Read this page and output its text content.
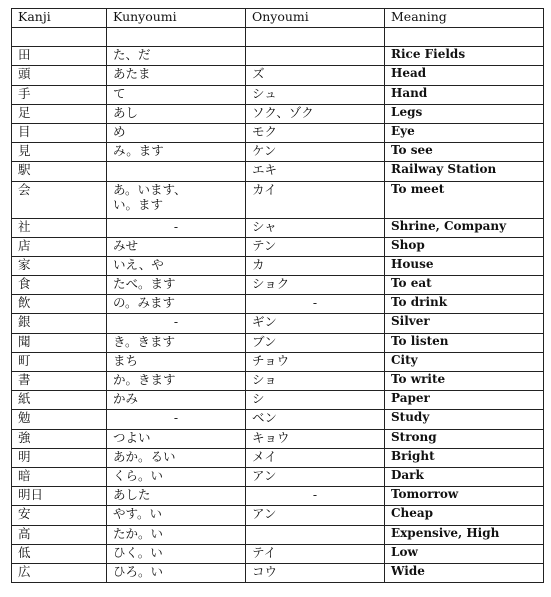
Kanji	Kunyoumi	Onyoumi	Meaning

田	た、だ		Rice Fields
頭	あたま	ズ	Head
手	て	シュ	Hand
足	あし	ソク、ゾク	Legs
目	め	モク	Eye
見	み。ます	ケン	To see
駅		エキ	Railway Station
会	あ。います、
い。ます	カイ	To meet
社	-	シャ	Shrine, Company
店	みせ	テン	Shop
家	いえ、や	カ	House
食	たべ。ます	ショク	To eat
飲	の。みます	-	To drink
銀	-	ギン	Silver
聞	き。きます	ブン	To listen
町	まち	チョウ	City
書	か。きます	ショ	To write
紙	かみ	シ	Paper
勉	-	ベン	Study
強	つよい	キョウ	Strong
明	あか。るい	メイ	Bright
暗	くら。い	アン	Dark
明日	あした	-	Tomorrow
安	やす。い	アン	Cheap
高	たか。い		Expensive, High
低	ひく。い	テイ	Low
広	ひろ。い	コウ	Wide
